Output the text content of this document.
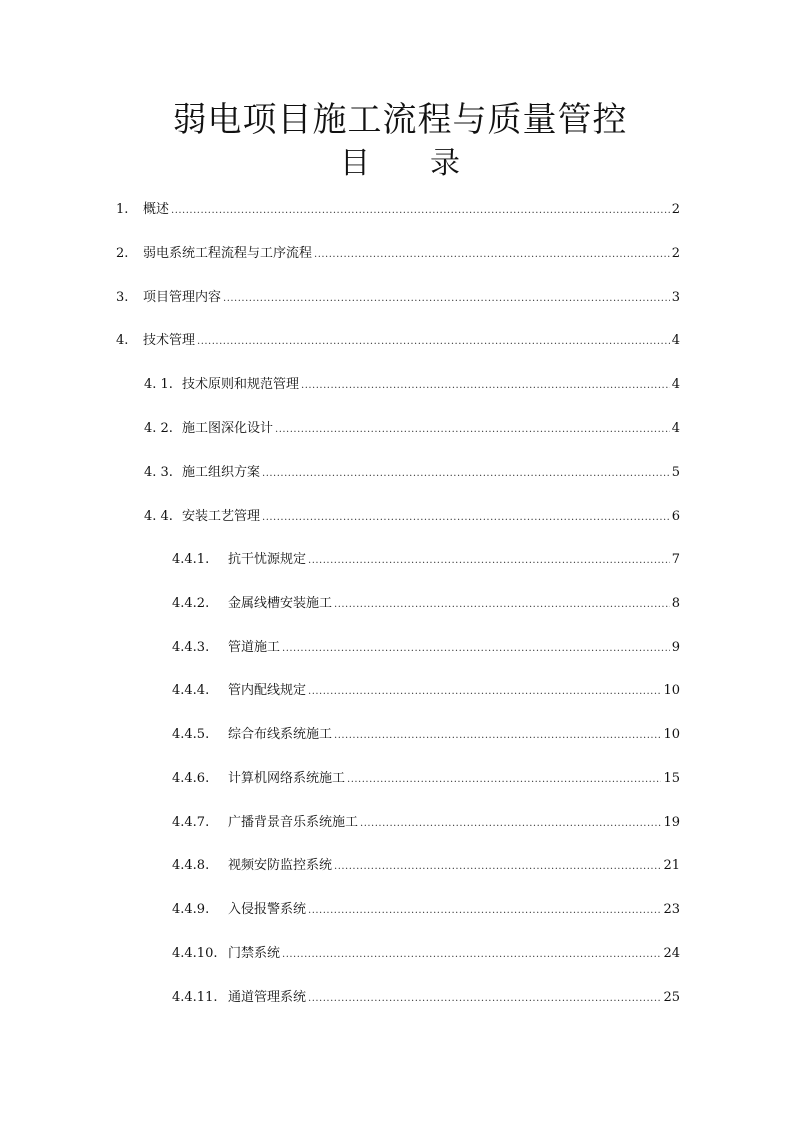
弱电项目施工流程与质量管控
目 录
1.	概述 .....	2
2.	弱电系统工程流程与工序流程 .....	2
3.	项目管理内容 .....	3
4.	技术管理 .....	4
4. 1. 技术原则和规范管理 .....	4
4. 2. 施工图深化设计 .....	4
4. 3. 施工组织方案 .....	5
4. 4. 安装工艺管理 .....	6
4.4.1.	抗干忧源规定 .....	7
4.4.2.	金属线槽安装施工 .....	8
4.4.3.	管道施工 .....	9
4.4.4.	管内配线规定 .....	10
4.4.5.	综合布线系统施工 .....	10
4.4.6.	计算机网络系统施工 .....	15
4.4.7.	广播背景音乐系统施工 .....	19
4.4.8.	视频安防监控系统 .....	21
4.4.9.	入侵报警系统 .....	23
4.4.10. 门禁系统 .....	24
4.4.11. 通道管理系统 .....	25
